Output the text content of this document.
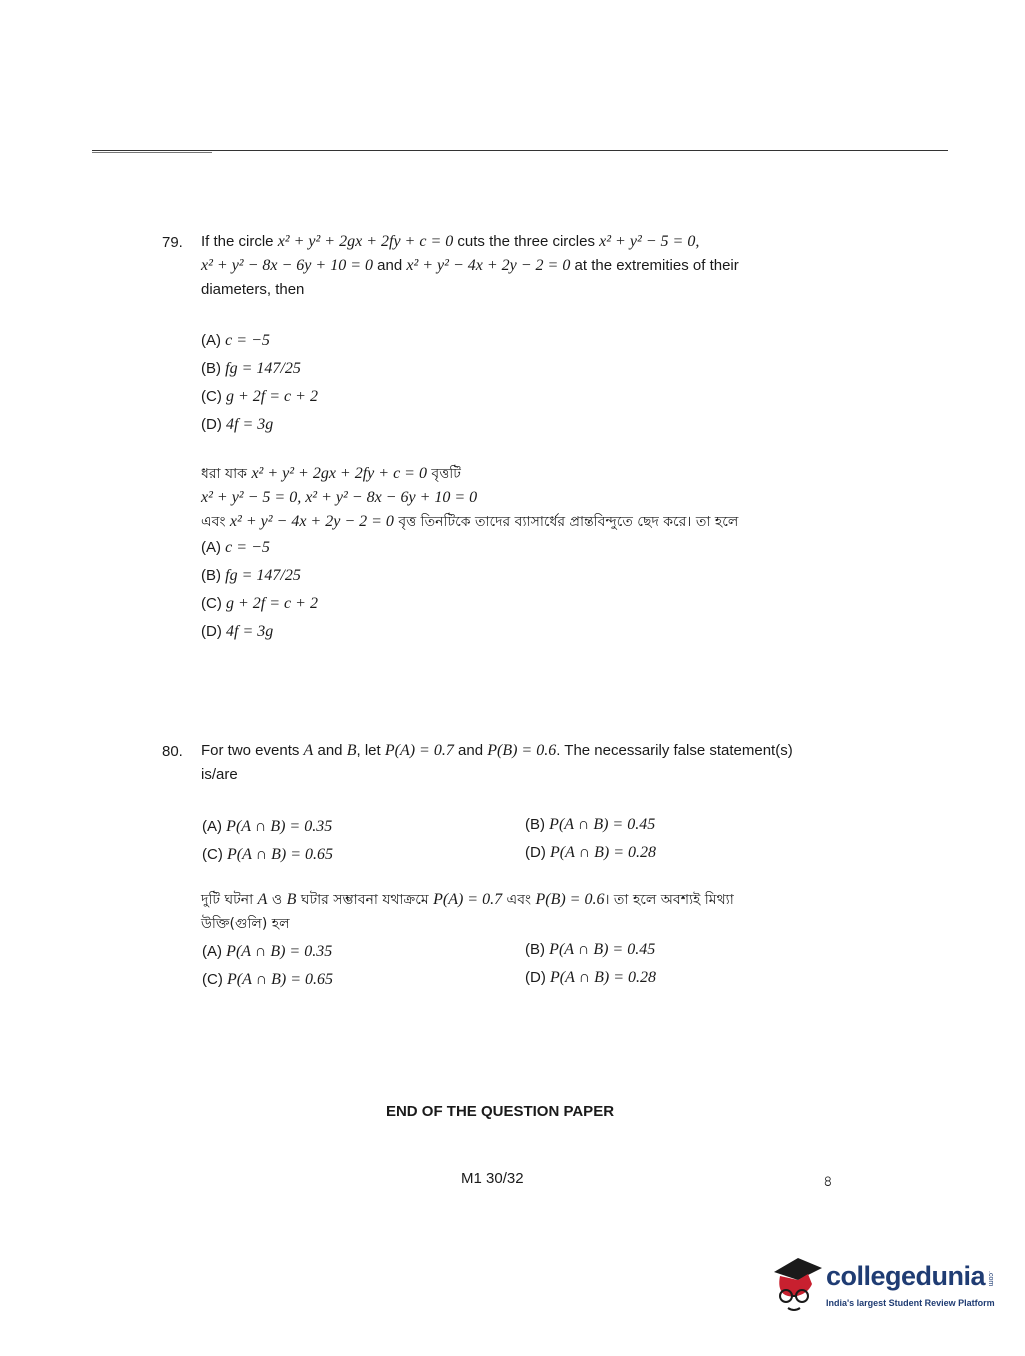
79. If the circle x² + y² + 2gx + 2fy + c = 0 cuts the three circles x² + y² − 5 = 0,
x² + y² − 8x − 6y + 10 = 0 and x² + y² − 4x + 2y − 2 = 0 at the extremities of their
diameters, then
(A) c = −5
(B) fg = 147/25
(C) g + 2f = c + 2
(D) 4f = 3g
ধরা যাক x² + y² + 2gx + 2fy + c = 0 বৃত্তটি
x² + y² − 5 = 0, x² + y² − 8x − 6y + 10 = 0
এবং x² + y² − 4x + 2y − 2 = 0 বৃত্ত তিনটিকে তাদের ব্যাসার্ধের প্রান্তবিন্দুতে ছেদ করে। তা হলে
(A) c = −5
(B) fg = 147/25
(C) g + 2f = c + 2
(D) 4f = 3g
80. For two events A and B, let P(A) = 0.7 and P(B) = 0.6. The necessarily false statement(s)
is/are
(A) P(A ∩ B) = 0.35	(B) P(A ∩ B) = 0.45
(C) P(A ∩ B) = 0.65	(D) P(A ∩ B) = 0.28
দুটি ঘটনা A ও B ঘটার সম্ভাবনা যথাক্রমে P(A) = 0.7 এবং P(B) = 0.6। তা হলে অবশ্যই মিথ্যা
উক্তি(গুলি) হল
(A) P(A ∩ B) = 0.35	(B) P(A ∩ B) = 0.45
(C) P(A ∩ B) = 0.65	(D) P(A ∩ B) = 0.28
END OF THE QUESTION PAPER
M1 30/32	৪
collegedunia .com
India's largest Student Review Platform
